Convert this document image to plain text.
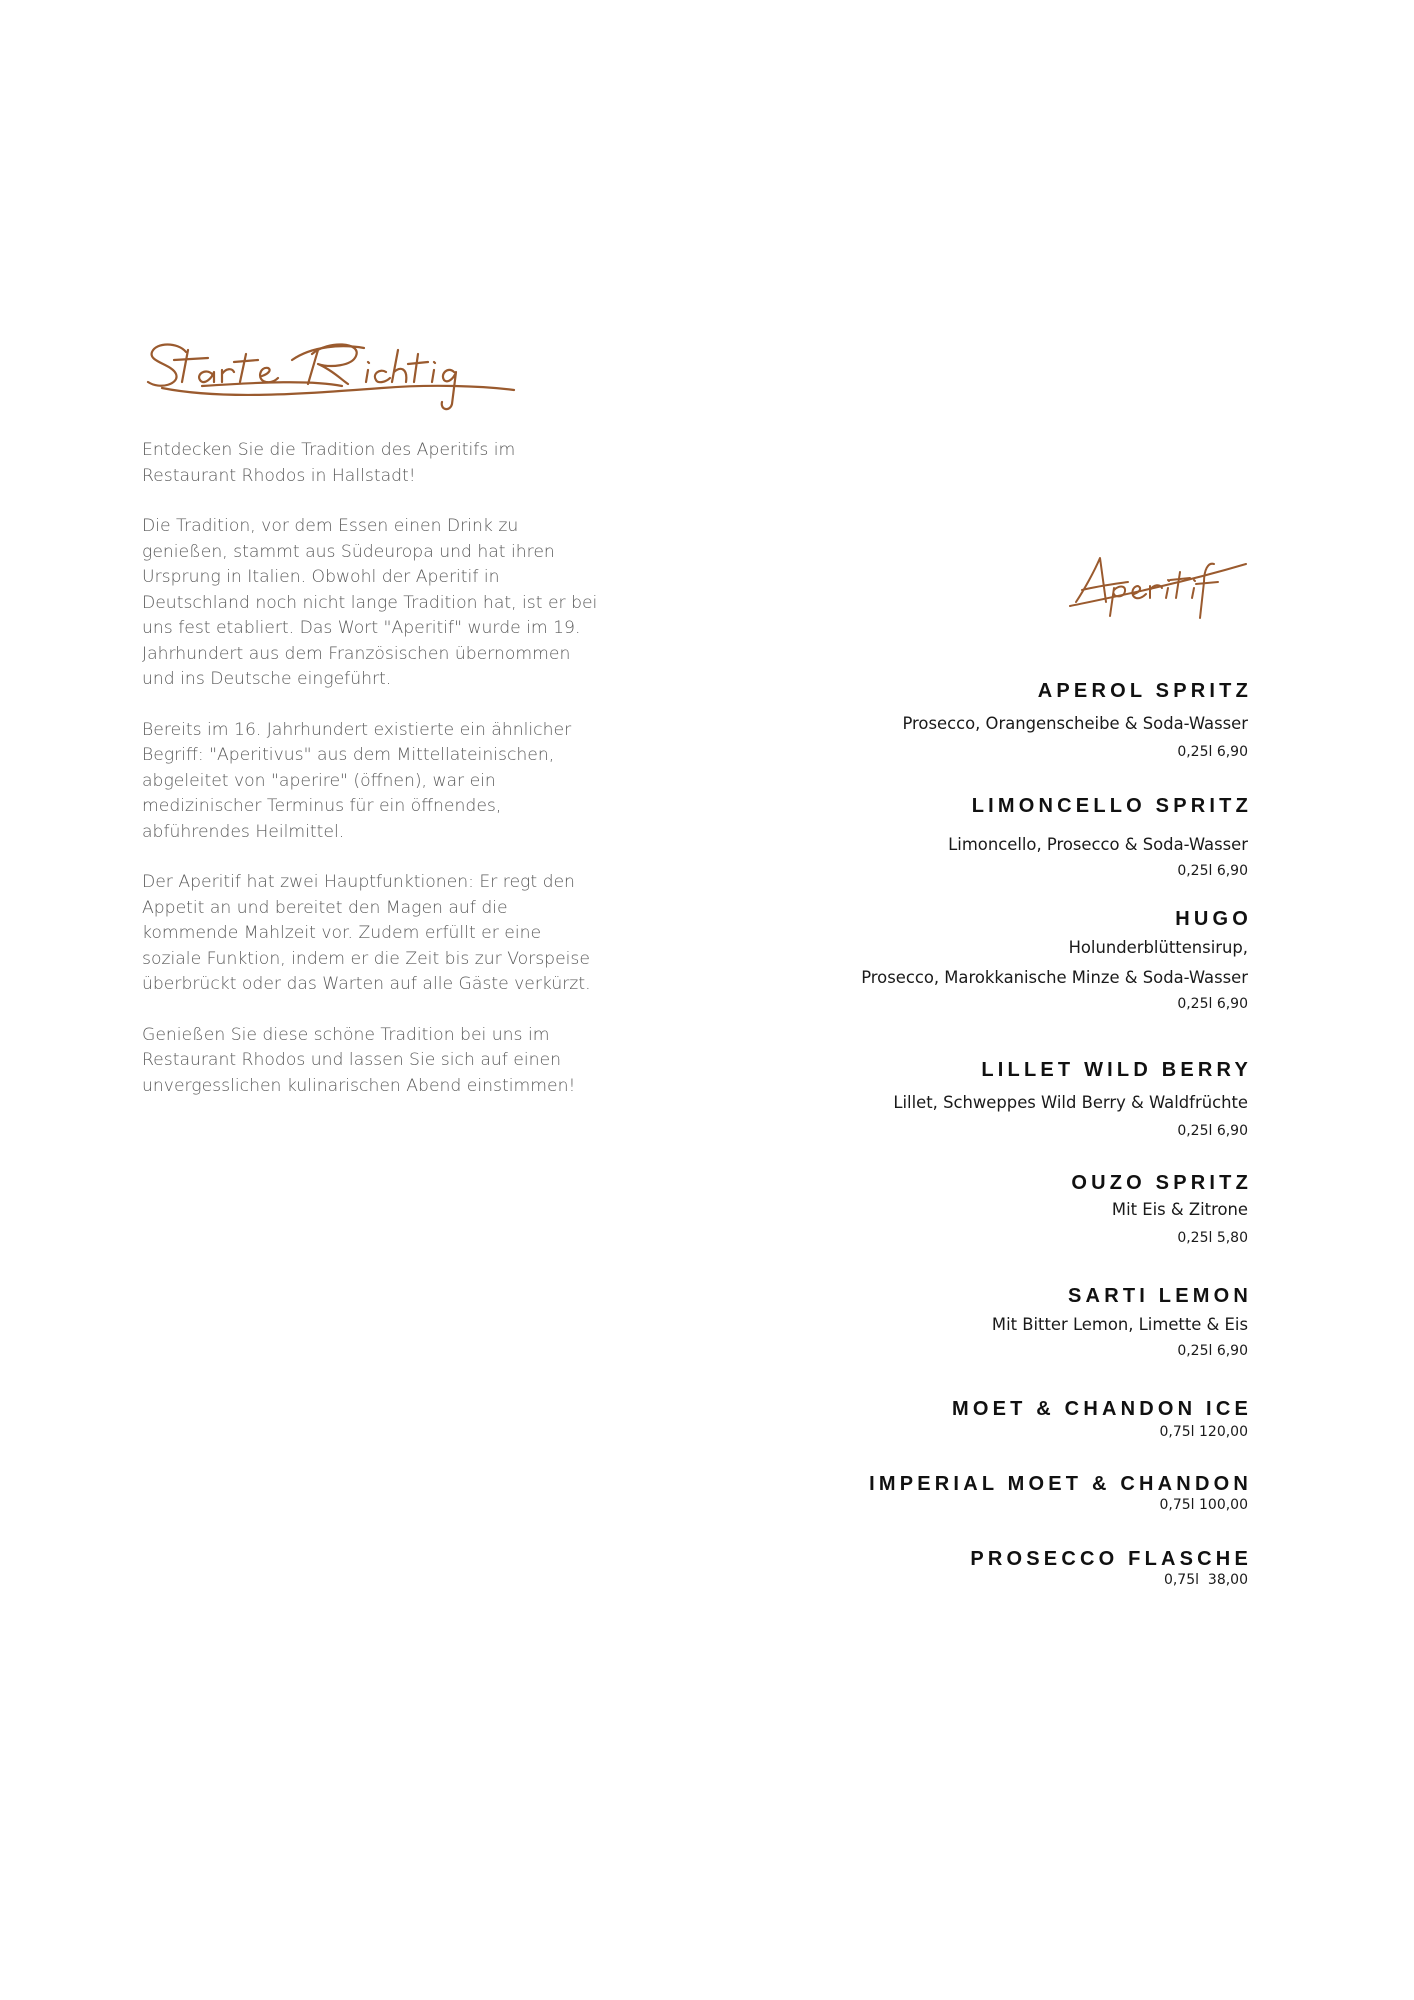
Entdecken Sie die Tradition des Aperitifs im Restaurant Rhodos in Hallstadt!

Die Tradition, vor dem Essen einen Drink zu genießen, stammt aus Südeuropa und hat ihren Ursprung in Italien. Obwohl der Aperitif in Deutschland noch nicht lange Tradition hat, ist er bei uns fest etabliert. Das Wort "Aperitif" wurde im 19. Jahrhundert aus dem Französischen übernommen und ins Deutsche eingeführt.

Bereits im 16. Jahrhundert existierte ein ähnlicher Begriff: "Aperitivus" aus dem Mittellateinischen, abgeleitet von "aperire" (öffnen), war ein medizinischer Terminus für ein öffnendes, abführendes Heilmittel.

Der Aperitif hat zwei Hauptfunktionen: Er regt den Appetit an und bereitet den Magen auf die kommende Mahlzeit vor. Zudem erfüllt er eine soziale Funktion, indem er die Zeit bis zur Vorspeise überbrückt oder das Warten auf alle Gäste verkürzt.

Genießen Sie diese schöne Tradition bei uns im Restaurant Rhodos und lassen Sie sich auf einen unvergesslichen kulinarischen Abend einstimmen!

APEROL SPRITZ
Prosecco, Orangenscheibe & Soda-Wasser
0,25l 6,90
LIMONCELLO SPRITZ
Limoncello, Prosecco & Soda-Wasser
0,25l 6,90
HUGO
Holunderblüttensirup,
Prosecco, Marokkanische Minze & Soda-Wasser
0,25l 6,90
LILLET WILD BERRY
Lillet, Schweppes Wild Berry & Waldfrüchte
0,25l 6,90
OUZO SPRITZ
Mit Eis & Zitrone
0,25l 5,80
SARTI LEMON
Mit Bitter Lemon, Limette & Eis
0,25l 6,90
MOET & CHANDON ICE
0,75l 120,00
IMPERIAL MOET & CHANDON
0,75l 100,00
PROSECCO FLASCHE
0,75l  38,00
